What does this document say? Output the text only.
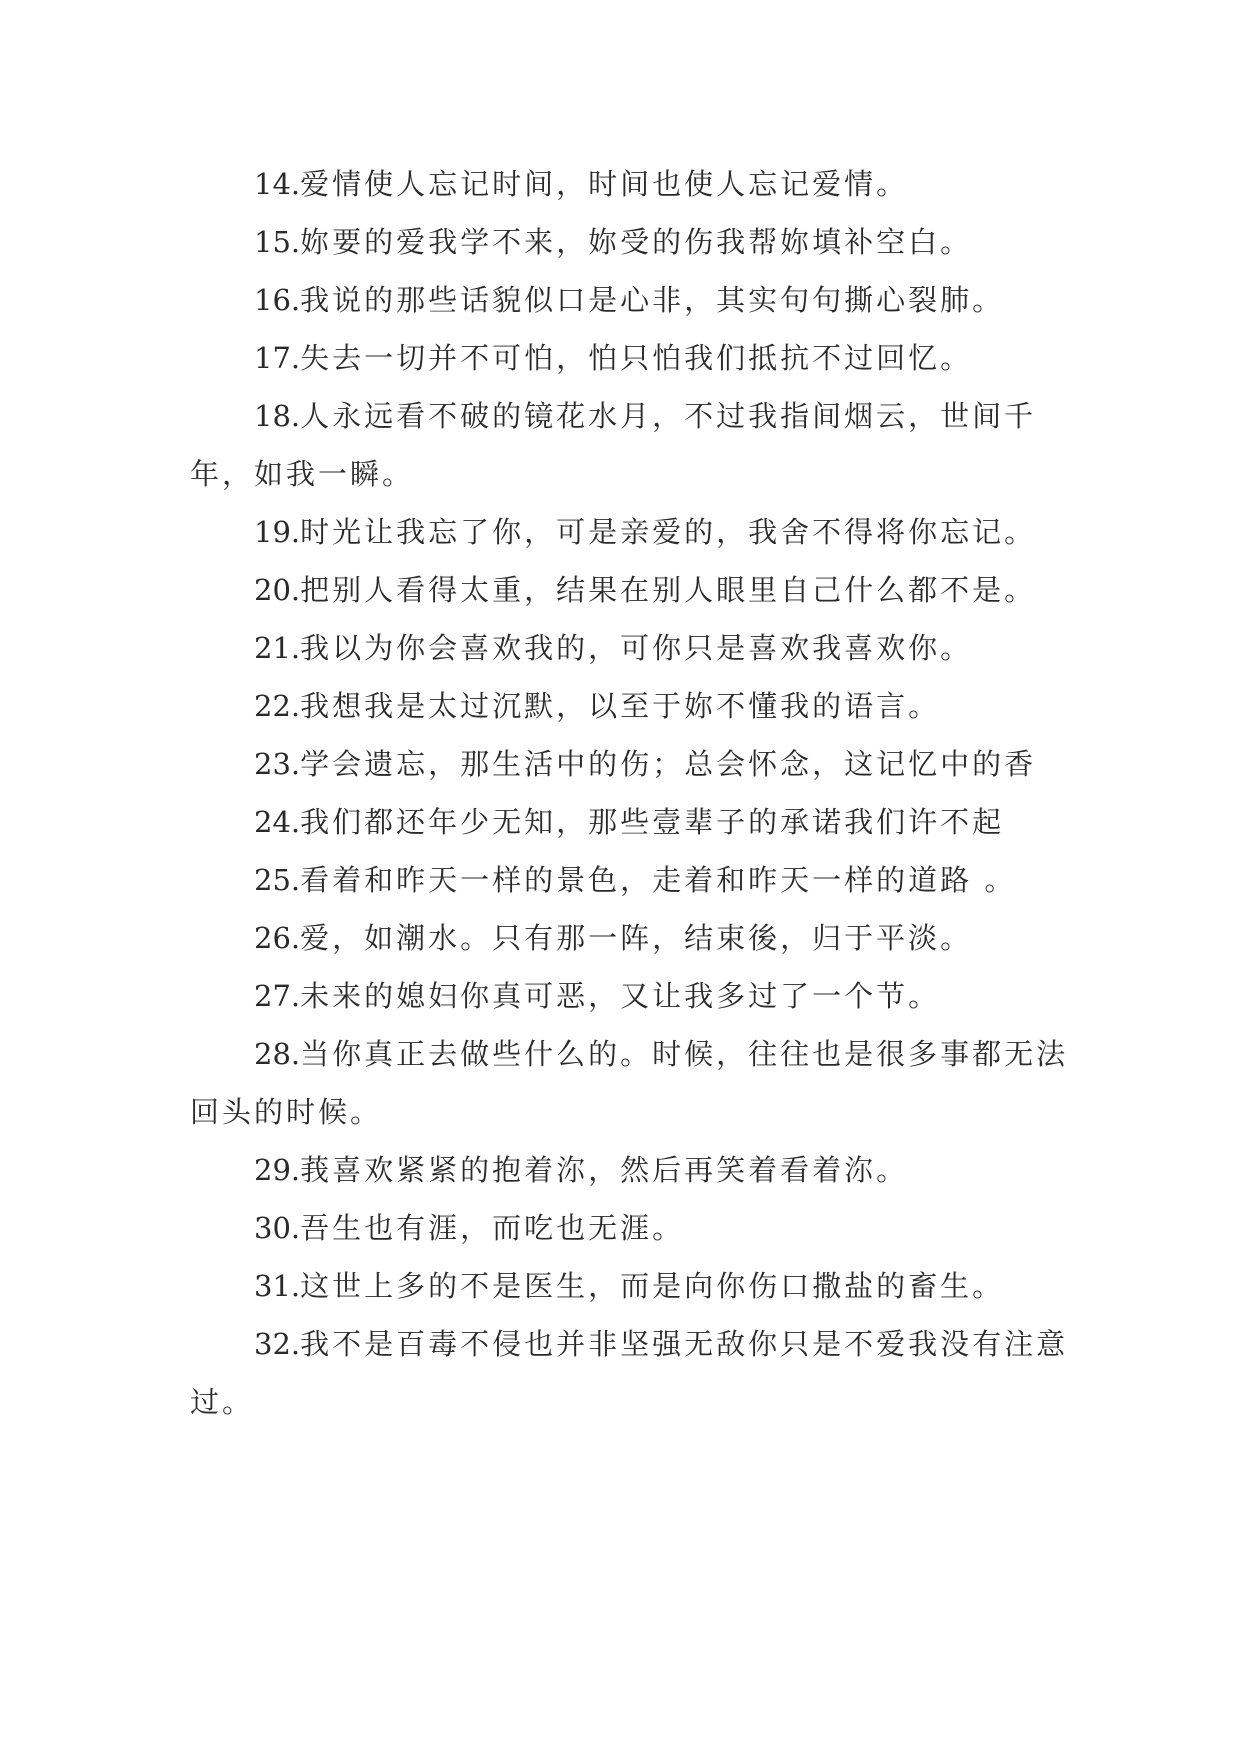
14.爱情使人忘记时间，时间也使人忘记爱情。

15.妳要的爱我学不来，妳受的伤我帮妳填补空白。

16.我说的那些话貌似口是心非，其实句句撕心裂肺。

17.失去一切并不可怕，怕只怕我们抵抗不过回忆。

18.人永远看不破的镜花水月，不过我指间烟云，世间千年，如我一瞬。

19.时光让我忘了你，可是亲爱的，我舍不得将你忘记。

20.把别人看得太重，结果在别人眼里自己什么都不是。

21.我以为你会喜欢我的，可你只是喜欢我喜欢你。

22.我想我是太过沉默，以至于妳不懂我的语言。

23.学会遗忘，那生活中的伤；总会怀念，这记忆中的香

24.我们都还年少无知，那些壹辈子的承诺我们许不起

25.看着和昨天一样的景色，走着和昨天一样的道路 。

26.爱，如潮水。只有那一阵，结束後，归于平淡。

27.未来的媳妇你真可恶，又让我多过了一个节。

28.当你真正去做些什么的。时候，往往也是很多事都无法回头的时候。

29.莪喜欢紧紧的抱着沵，然后再笑着看着沵。

30.吾生也有涯，而吃也无涯。

31.这世上多的不是医生，而是向你伤口撒盐的畜生。

32.我不是百毒不侵也并非坚强无敌你只是不爱我没有注意过。
